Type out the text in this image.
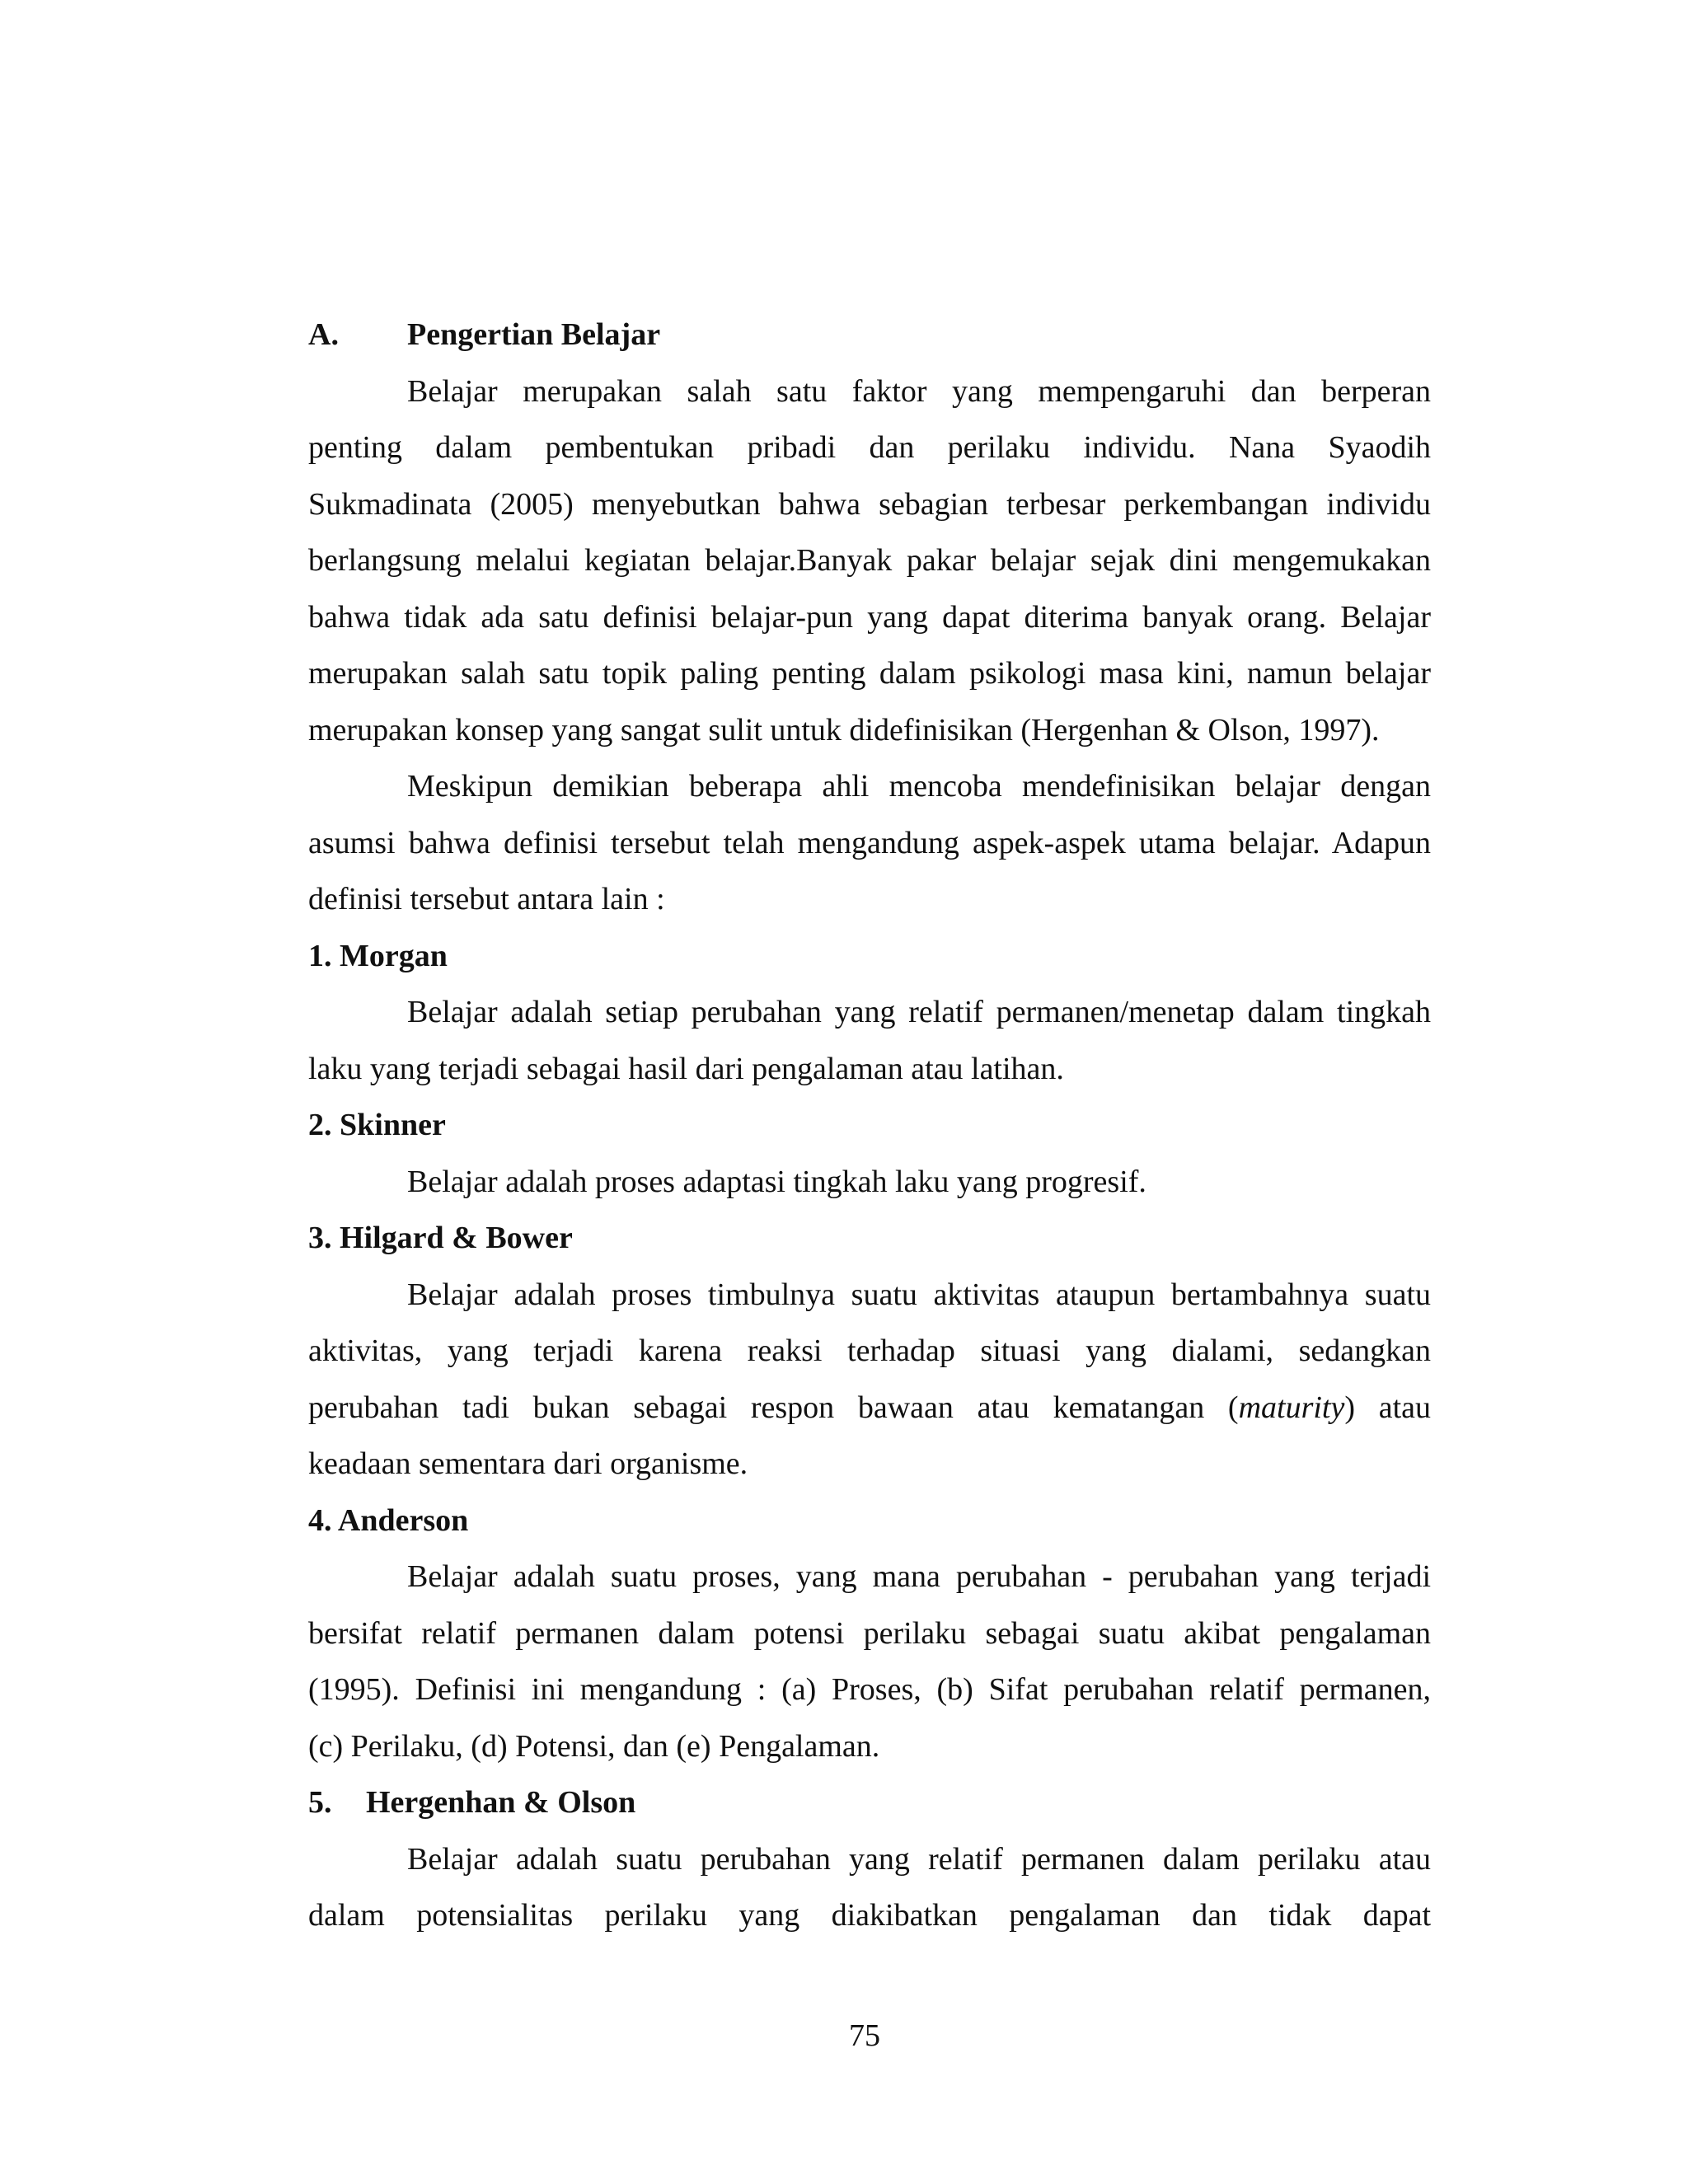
A. Pengertian Belajar
Belajar merupakan salah satu faktor yang mempengaruhi dan berperan
penting dalam pembentukan pribadi dan perilaku individu. Nana Syaodih
Sukmadinata (2005) menyebutkan bahwa sebagian terbesar perkembangan individu
berlangsung melalui kegiatan belajar.Banyak pakar belajar sejak dini mengemukakan
bahwa tidak ada satu definisi belajar-pun yang dapat diterima banyak orang. Belajar
merupakan salah satu topik paling penting dalam psikologi masa kini, namun belajar
merupakan konsep yang sangat sulit untuk didefinisikan (Hergenhan & Olson, 1997).
Meskipun demikian beberapa ahli mencoba mendefinisikan belajar dengan
asumsi bahwa definisi tersebut telah mengandung aspek-aspek utama belajar. Adapun
definisi tersebut antara lain :
1. Morgan
Belajar adalah setiap perubahan yang relatif permanen/menetap dalam tingkah
laku yang terjadi sebagai hasil dari pengalaman atau latihan.
2. Skinner
Belajar adalah proses adaptasi tingkah laku yang progresif.
3. Hilgard & Bower
Belajar adalah proses timbulnya suatu aktivitas ataupun bertambahnya suatu
aktivitas, yang terjadi karena reaksi terhadap situasi yang dialami, sedangkan
perubahan tadi bukan sebagai respon bawaan atau kematangan (maturity) atau
keadaan sementara dari organisme.
4. Anderson
Belajar adalah suatu proses, yang mana perubahan - perubahan yang terjadi
bersifat relatif permanen dalam potensi perilaku sebagai suatu akibat pengalaman
(1995). Definisi ini mengandung : (a) Proses, (b) Sifat perubahan relatif permanen,
(c) Perilaku, (d) Potensi, dan (e) Pengalaman.
5. Hergenhan & Olson
Belajar adalah suatu perubahan yang relatif permanen dalam perilaku atau
dalam potensialitas perilaku yang diakibatkan pengalaman dan tidak dapat
75
